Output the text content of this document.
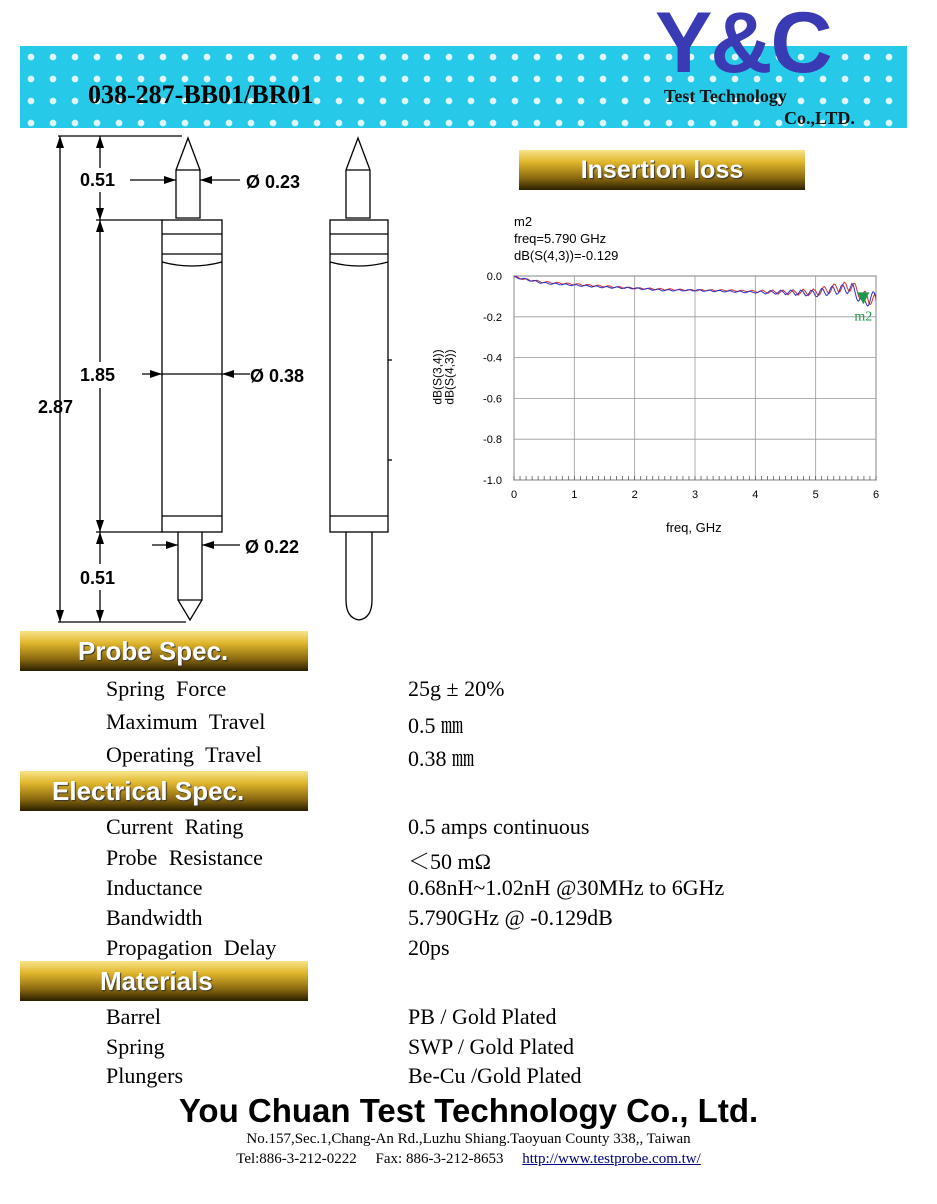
038-287-BB01/BR01
Y&C
Test Technology
Co.,LTD.
0.51	Ø 0.23
1.85	Ø 0.38
2.87
Ø 0.22
0.51
Insertion loss
m2
freq=5.790 GHz
dB(S(4,3))=-0.129
dB(S(3,4))
dB(S(4,3))
freq, GHz
0	1	2	3	4	5	6
0.0
-0.2
-0.4
-0.6
-0.8
-1.0
m2
Probe Spec.
Spring Force	25g ± 20%
Maximum Travel	0.5 ㎜
Operating Travel	0.38 ㎜
Electrical Spec.
Current Rating	0.5 amps continuous
Probe Resistance	＜50 mΩ
Inductance	0.68nH~1.02nH @30MHz to 6GHz
Bandwidth	5.790GHz @ -0.129dB
Propagation Delay	20ps
Materials
Barrel	PB / Gold Plated
Spring	SWP / Gold Plated
Plungers	Be-Cu /Gold Plated
You Chuan Test Technology Co., Ltd.
No.157,Sec.1,Chang-An Rd.,Luzhu Shiang.Taoyuan County 338,, Taiwan
Tel:886-3-212-0222 Fax: 886-3-212-8653 http://www.testprobe.com.tw/
